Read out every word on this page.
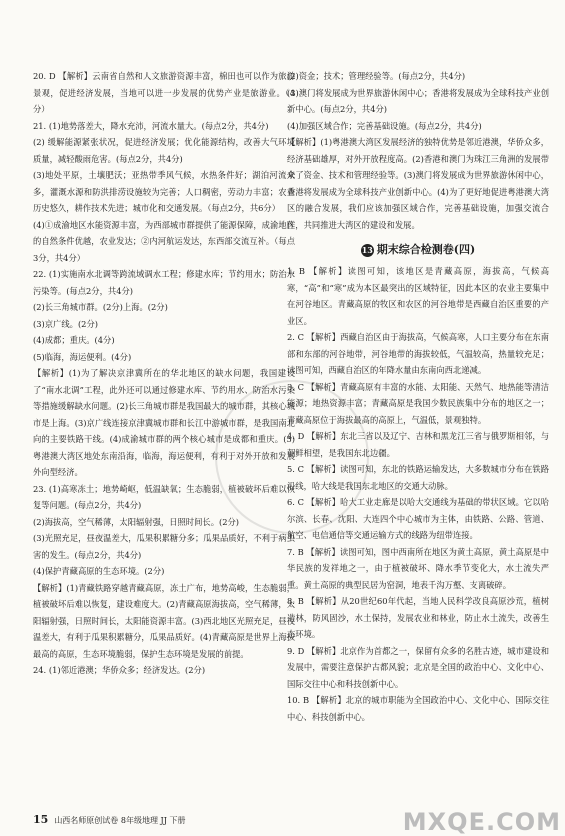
20. D 【解析】云南省自然和人文旅游资源丰富，棉田也可以作为旅游景观，促进经济发展，当地可以进一步发展的优势产业是旅游业。（4分）

21. (1)地势落差大，降水充沛，河流水量大。(每点2分，共4分)

(2) 缓解能源紧张状况，促进经济发展；优化能源结构，改善大气环境质量，减轻酸雨危害。(每点2分，共4分)

(3)地处平原，土壤肥沃；亚热带季风气候，水热条件好；湖泊河流众多，灌溉水源和防洪排涝设施较为完善；人口稠密，劳动力丰富；农业历史悠久，耕作技术先进；城市化和交通发展。（每点2分，共6分）

(4)①成渝地区水能资源丰富，为西部城市群提供了能源保障，成渝地区的自然条件优越，农业发达；②内河航运发达，东西部交流互补。（每点3分，共4分）

22. (1)实施南水北调等跨流域调水工程；修建水库；节约用水；防治水污染等。(每点2分，共4分)

(2)长三角城市群。(2分)上海。(2分)

(3)京广线。(2分)

(4)成都；重庆。(4分)

(5)临海，海运便利。(4分)

【解析】(1)为了解决京津冀所在的华北地区的缺水问题，我国建设了“南水北调”工程，此外还可以通过修建水库、节约用水、防治水污染等措施缓解缺水问题。(2)长三角城市群是我国最大的城市群，其核心城市是上海。(3)京广线连接京津冀城市群和长江中游城市群，是我国南北向的主要铁路干线。(4)成渝城市群的两个核心城市是成都和重庆。(5)粤港澳大湾区地处东南沿海，临海，海运便利，有利于对外开放和发展外向型经济。

23. (1)高寒冻土；地势崎岖，低温缺氧；生态脆弱，植被破坏后难以恢复等问题。(每点2分，共4分)

(2)海拔高，空气稀薄，太阳辐射强，日照时间长。(2分)

(3)光照充足，昼夜温差大，瓜果积累糖分多；瓜果品质好，不利于病虫害的发生。(每点2分，共4分)

(4)保护青藏高原的生态环境。(2分)

【解析】(1)青藏铁路穿越青藏高原，冻土广布，地势高峻，生态脆弱，植被破坏后难以恢复，建设难度大。(2)青藏高原海拔高，空气稀薄，太阳辐射强，日照时间长，太阳能资源丰富。(3)西北地区光照充足，昼夜温差大，有利于瓜果积累糖分，瓜果品质好。(4)青藏高原是世界上海拔最高的高原，生态环境脆弱，保护生态环境是发展的前提。

24. (1)邻近港澳；华侨众多；经济发达。(2分)

(2)资金；技术；管理经验等。(每点2分，共4分)

(3)澳门将发展成为世界旅游休闲中心；香港将发展成为全球科技产业创新中心。(每点2分，共4分)

(4)加强区域合作；完善基础设施。(每点2分，共4分)

【解析】(1)粤港澳大湾区发展经济的独特优势是邻近港澳，华侨众多，经济基础雄厚，对外开放程度高。(2)香港和澳门为珠江三角洲的发展带来了资金、技术和管理经验等。(3)澳门将发展成为世界旅游休闲中心，香港将发展成为全球科技产业创新中心。(4)为了更好地促进粤港澳大湾区的融合发展，我们应该加强区域合作，完善基础设施，加强交流合作，共同推进大湾区的建设和发展。

13 期末综合检测卷(四)

1. B 【解析】读图可知，该地区是青藏高原，海拔高，气候高寒，“高”和“寒”成为本区最突出的区域特征，因此本区的农业主要集中在河谷地区。青藏高原的牧区和农区的河谷地带是西藏自治区重要的产业区。

2. C 【解析】西藏自治区由于海拔高，气候高寒，人口主要分布在东南部和东部的河谷地带，河谷地带的海拔较低，气温较高，热量较充足；读图可知，西藏自治区的年降水量由东南向西北递减。

3. C 【解析】青藏高原有丰富的水能、太阳能、天然气、地热能等清洁能源；地热资源丰富；青藏高原是我国少数民族集中分布的地区之一；青藏高原位于海拔最高的高原上，气温低，景观独特。

4. D 【解析】东北三省以及辽宁、吉林和黑龙江三省与俄罗斯相邻，与朝鲜相望，是我国东北边疆。

5. C 【解析】读图可知，东北的铁路运输发达，大多数城市分布在铁路沿线，哈大线是我国东北地区的交通大动脉。

6. C 【解析】哈大工业走廊是以哈大交通线为基础的带状区域。它以哈尔滨、长春、沈阳、大连四个中心城市为主体，由铁路、公路、管道、航空、电信通信等交通运输方式的线路为纽带连接。

7. B 【解析】读图可知，图中西南所在地区为黄土高原，黄土高原是中华民族的发祥地之一，由于植被破坏、降水季节变化大，水土流失严重。黄土高原的典型民居为窑洞，地表千沟万壑、支离破碎。

8. B 【解析】从20世纪60年代起，当地人民科学改良高原沙荒，植树造林，防风固沙，水土保持，发展农业和林业，防止水土流失，改善生态环境。

9. D 【解析】北京作为首都之一，保留有众多的名胜古迹，城市建设和发展中，需要注意保护古都风貌；北京是全国的政治中心、文化中心、国际交往中心和科技创新中心。

10. B 【解析】北京的城市职能为全国政治中心、文化中心、国际交往中心、科技创新中心。

15 山西名师原创试卷 8年级地理 JJ 下册	MXQE.COM
